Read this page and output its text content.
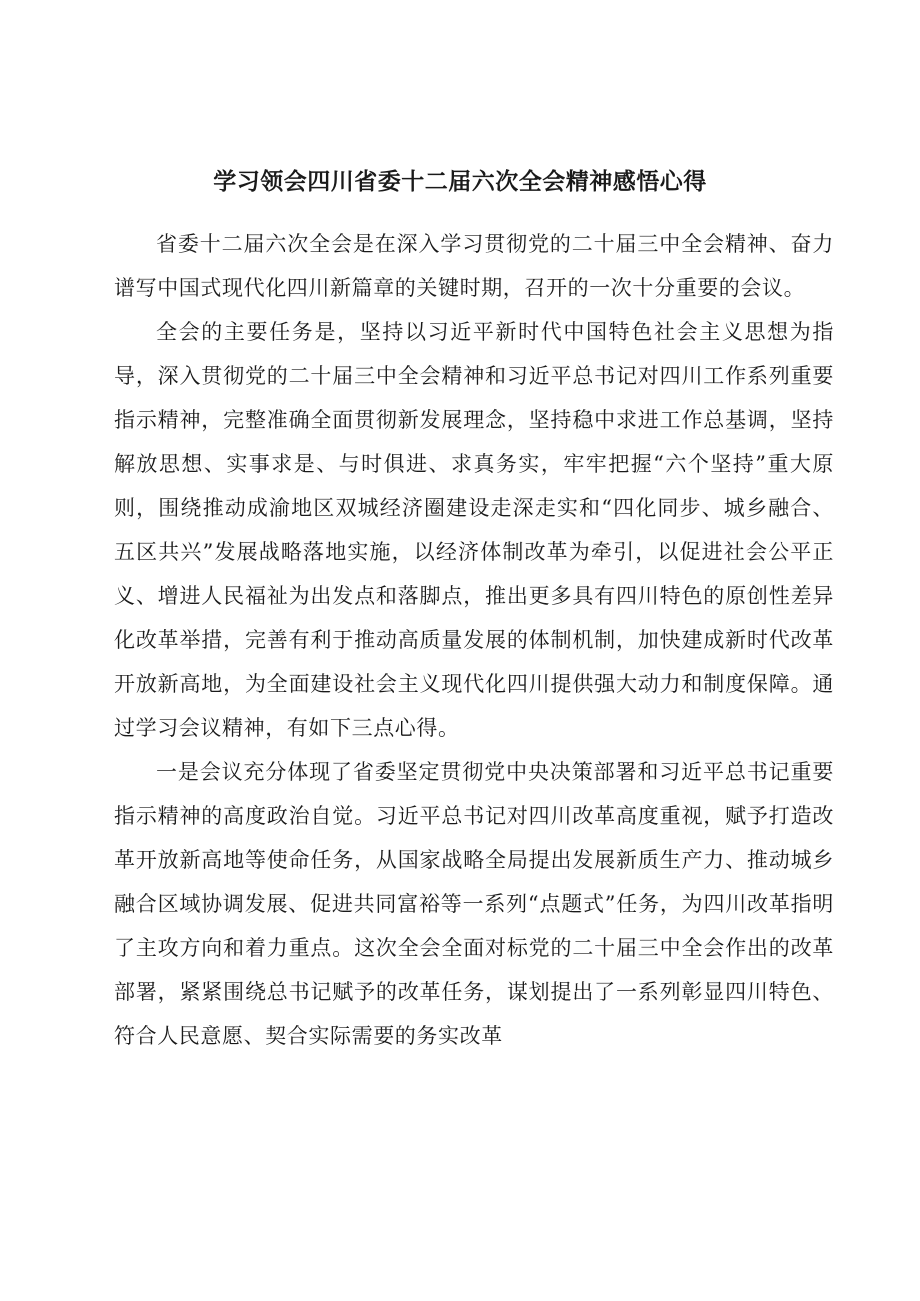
学习领会四川省委十二届六次全会精神感悟心得

省委十二届六次全会是在深入学习贯彻党的二十届三中全会精神、奋力谱写中国式现代化四川新篇章的关键时期，召开的一次十分重要的会议。

全会的主要任务是，坚持以习近平新时代中国特色社会主义思想为指导，深入贯彻党的二十届三中全会精神和习近平总书记对四川工作系列重要指示精神，完整准确全面贯彻新发展理念，坚持稳中求进工作总基调，坚持解放思想、实事求是、与时俱进、求真务实，牢牢把握“六个坚持”重大原则，围绕推动成渝地区双城经济圈建设走深走实和“四化同步、城乡融合、五区共兴”发展战略落地实施，以经济体制改革为牵引，以促进社会公平正义、增进人民福祉为出发点和落脚点，推出更多具有四川特色的原创性差异化改革举措，完善有利于推动高质量发展的体制机制，加快建成新时代改革开放新高地，为全面建设社会主义现代化四川提供强大动力和制度保障。通过学习会议精神，有如下三点心得。

一是会议充分体现了省委坚定贯彻党中央决策部署和习近平总书记重要指示精神的高度政治自觉。习近平总书记对四川改革高度重视，赋予打造改革开放新高地等使命任务，从国家战略全局提出发展新质生产力、推动城乡融合区域协调发展、促进共同富裕等一系列“点题式”任务，为四川改革指明了主攻方向和着力重点。这次全会全面对标党的二十届三中全会作出的改革部署，紧紧围绕总书记赋予的改革任务，谋划提出了一系列彰显四川特色、符合人民意愿、契合实际需要的务实改革
